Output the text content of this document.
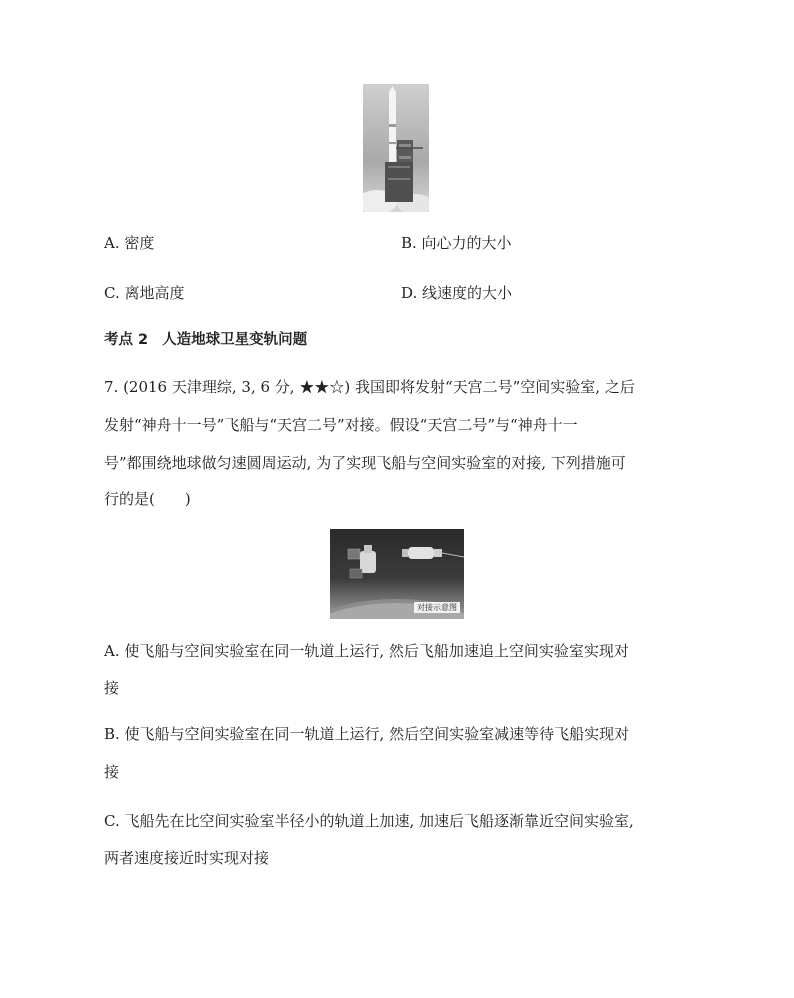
A. 密度	B. 向心力的大小
C. 离地高度	D. 线速度的大小
考点 2 人造地球卫星变轨问题
7. (2016 天津理综, 3, 6 分, ★★☆) 我国即将发射“天宫二号”空间实验室, 之后
发射“神舟十一号”飞船与“天宫二号”对接。假设“天宫二号”与“神舟十一
号”都围绕地球做匀速圆周运动, 为了实现飞船与空间实验室的对接, 下列措施可
行的是(　　)
对接示意图
A. 使飞船与空间实验室在同一轨道上运行, 然后飞船加速追上空间实验室实现对
接
B. 使飞船与空间实验室在同一轨道上运行, 然后空间实验室减速等待飞船实现对
接
C. 飞船先在比空间实验室半径小的轨道上加速, 加速后飞船逐渐靠近空间实验室,
两者速度接近时实现对接
